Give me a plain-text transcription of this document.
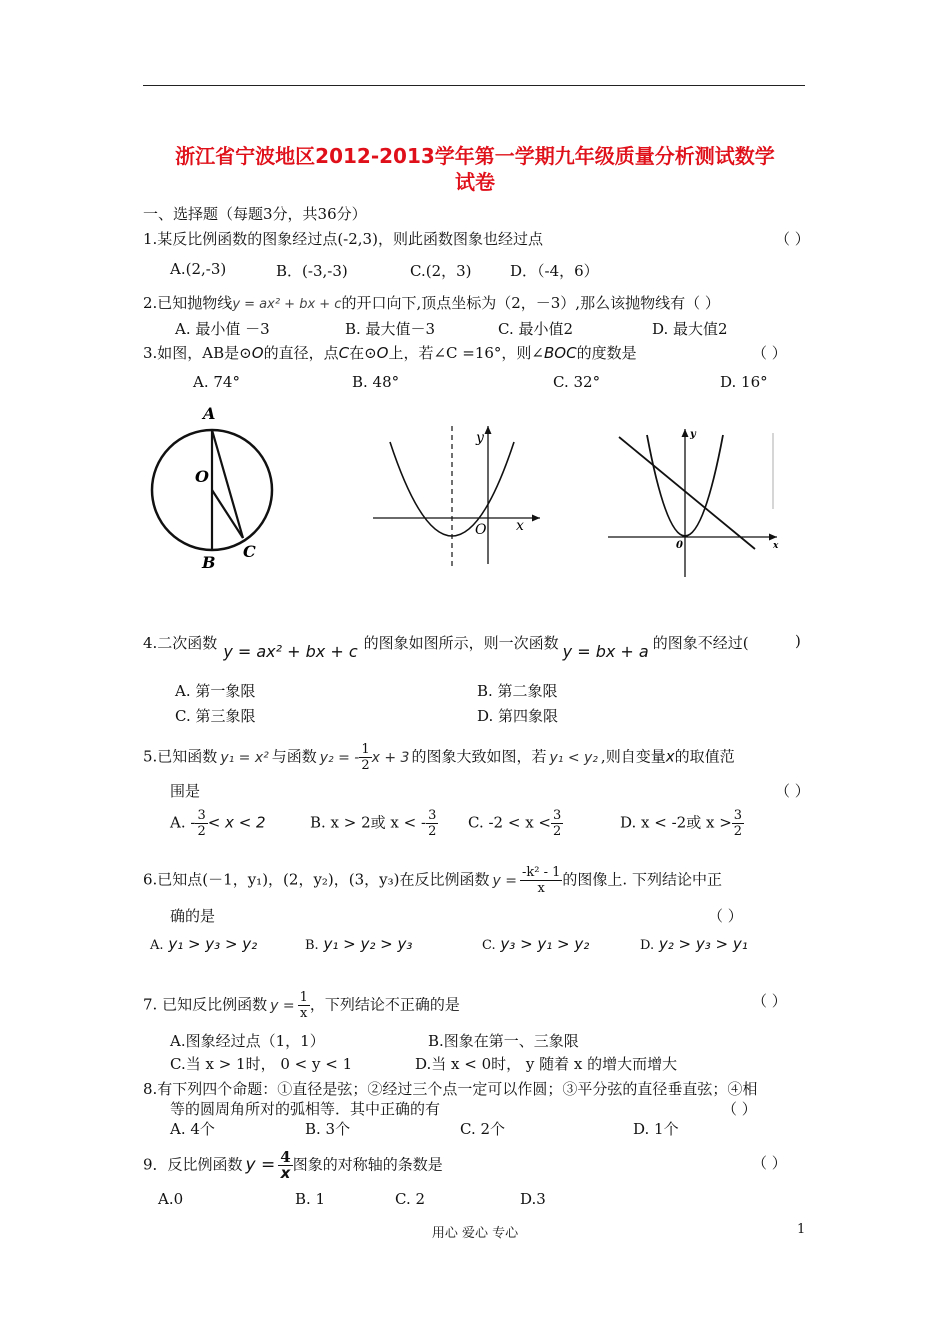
浙江省宁波地区2012-2013学年第一学期九年级质量分析测试数学
试卷
一、选择题（每题3分，共36分）
1.某反比例函数的图象经过点(-2,3)，则此函数图象也经过点	（ ）
A.(2,-3)	B．(-3,-3)	C.(2，3)	D．（-4，6）
2.已知抛物线y = ax² + bx + c的开口向下,顶点坐标为（2，－3）,那么该抛物线有（ ）
A. 最小值 －3	B. 最大值－3	C. 最小值2	D. 最大值2
3.如图，AB是⊙O的直径，点C在⊙O上，若∠C =16°，则∠BOC的度数是	（ ）
A. 74°	B. 48°	C. 32°	D. 16°
A
O
B
C
y
O x
y
0	x
4.二次函数 y = ax² + bx + c 的图象如图所示，则一次函数 y = bx + a 的图象不经过(	)
A. 第一象限	B. 第二象限
C. 第三象限	D. 第四象限
5.已知函数 y₁ = x² 与函数 y₂ = - $\frac{1}{2}$ x + 3 的图象大致如图，若 y₁ < y₂ ,则自变量x的取值范
围是	（ ）
A. - $\frac{3}{2} < x < 2$	B. x > 2或 x < - $\frac{3}{2} C$. $-2 < x < \frac{3}{2}$	D. x < -2或 $x > \frac{3}{2}$
6.已知点(－1，y₁)，(2，y₂)，(3，y₃)在反比例函数 $y = \frac{\text{-k² - 1}}{x}$ 的图像上. 下列结论中正
确的是	（ ）
A. y₁ > y₃ > y₂	B. y₁ > y₂ > y₃	C. y₃ > y₁ > y₂	D. y₂ > y₃ > y₁
7. 已知反比例函数 $y = \frac{1}{x}$ ，下列结论不正确的是	（ ）
A.图象经过点（1，1）	B.图象在第一、三象限
C.当 x > 1时， 0 < y < 1	D.当 x < 0时， y 随着 x 的增大而增大
8.有下列四个命题：①直径是弦；②经过三个点一定可以作圆；③平分弦的直径垂直弦；④相
等的圆周角所对的弧相等．其中正确的有	（ ）
A. 4个	B. 3个	C. 2个	D. 1个
9．反比例函数 $y = \frac{4}{x}$ 图象的对称轴的条数是	（ ）
A.0	B. 1	C. 2	D.3
用心 爱心 专心	1
